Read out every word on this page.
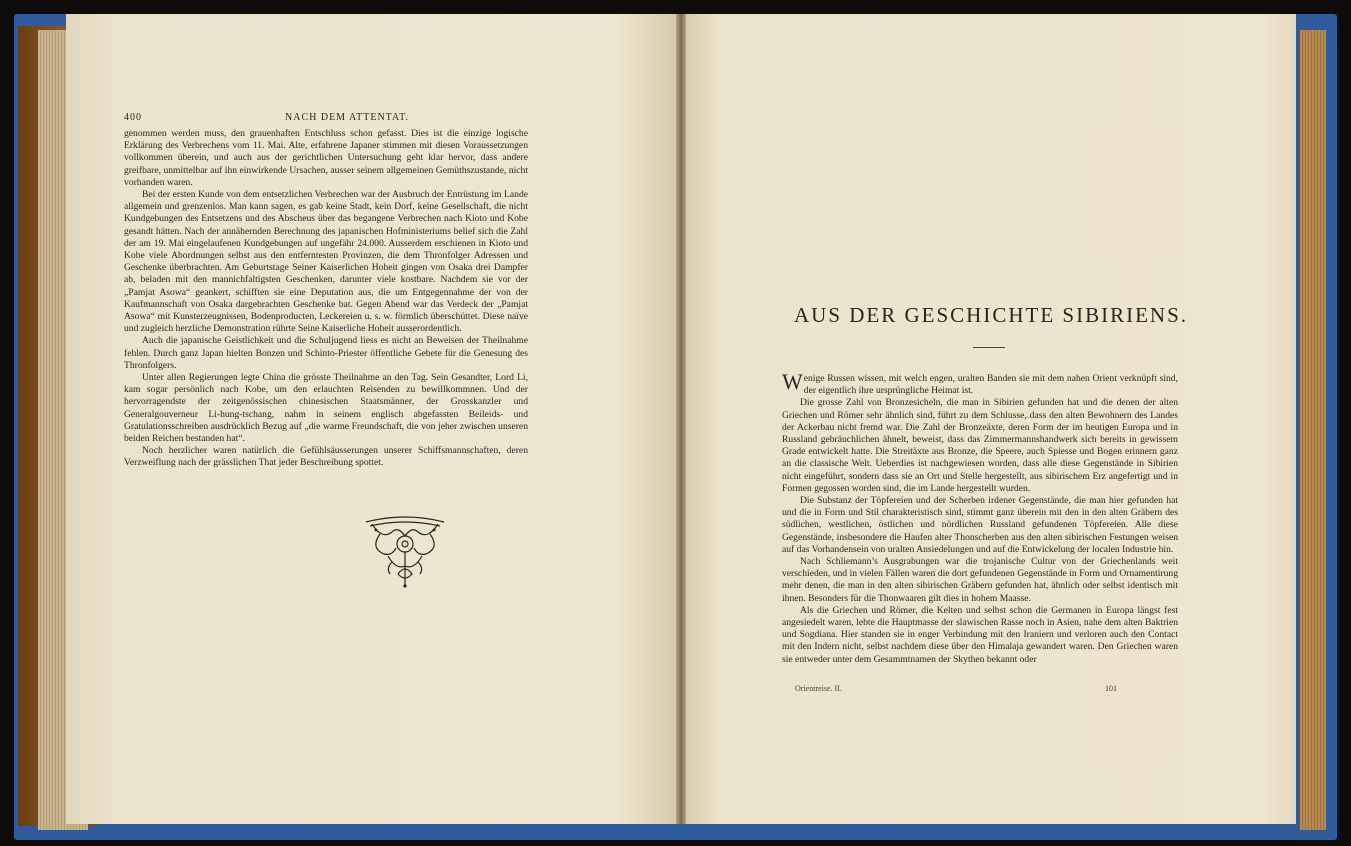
400	NACH DEM ATTENTAT.

genommen werden muss, den grauenhaften Entschluss schon gefasst. Dies ist die einzige logische Erklärung des Verbrechens vom 11. Mai. Alte, erfahrene Japaner stimmen mit diesen Voraussetzungen vollkommen überein, und auch aus der gerichtlichen Untersuchung geht klar hervor, dass andere greifbare, unmittelbar auf ihn einwirkende Ursachen, ausser seinem allgemeinen Gemüthszustande, nicht vorhanden waren.

Bei der ersten Kunde von dem entsetzlichen Verbrechen war der Ausbruch der Entrüstung im Lande allgemein und grenzenlos. Man kann sagen, es gab keine Stadt, kein Dorf, keine Gesellschaft, die nicht Kundgebungen des Entsetzens und des Abscheus über das begangene Verbrechen nach Kioto und Kobe gesandt hätten. Nach der annähernden Berechnung des japanischen Hofministeriums belief sich die Zahl der am 19. Mai eingelaufenen Kundgebungen auf ungefähr 24.000. Ausserdem erschienen in Kioto und Kobe viele Abordnungen selbst aus den entferntesten Provinzen, die dem Thronfolger Adressen und Geschenke überbrachten. Am Geburtstage Seiner Kaiserlichen Hoheit gingen von Osaka drei Dampfer ab, beladen mit den mannichfaltigsten Geschenken, darunter viele kostbare. Nachdem sie vor der „Pamjat Asowa“ geankert, schifften sie eine Deputation aus, die um Entgegennahme der von der Kaufmannschaft von Osaka dargebrachten Geschenke bat. Gegen Abend war das Verdeck der „Pamjat Asowa“ mit Kunsterzeugnissen, Bodenproducten, Leckereien u. s. w. förmlich überschüttet. Diese naïve und zugleich herzliche Demonstration rührte Seine Kaiserliche Hoheit ausserordentlich.

Auch die japanische Geistlichkeit und die Schuljugend liess es nicht an Beweisen der Theilnahme fehlen. Durch ganz Japan hielten Bonzen und Schinto-Priester öffentliche Gebete für die Genesung des Thronfolgers.

Unter allen Regierungen legte China die grösste Theilnahme an den Tag. Sein Gesandter, Lord Li, kam sogar persönlich nach Kobe, um den erlauchten Reisenden zu bewillkommnen. Und der hervorragendste der zeitgenössischen chinesischen Staatsmänner, der Grosskanzler und Generalgouverneur Li-hung-tschang, nahm in seinem englisch abgefassten Beileids- und Gratulationsschreiben ausdrücklich Bezug auf „die warme Freundschaft, die von jeher zwischen unseren beiden Reichen bestanden hat“.

Noch herzlicher waren natürlich die Gefühlsäusserungen unserer Schiffsmannschaften, deren Verzweiflung nach der grässlichen That jeder Beschreibung spottet.

AUS DER GESCHICHTE SIBIRIENS.

Wenige Russen wissen, mit welch engen, uralten Banden sie mit dem nahen Orient verknüpft sind, der eigentlich ihre ursprüngliche Heimat ist.

Die grosse Zahl von Bronzesicheln, die man in Sibirien gefunden hat und die denen der alten Griechen und Römer sehr ähnlich sind, führt zu dem Schlusse, dass den alten Bewohnern des Landes der Ackerbau nicht fremd war. Die Zahl der Bronzeäxte, deren Form der im heutigen Europa und in Russland gebräuchlichen ähnelt, beweist, dass das Zimmermannshandwerk sich bereits in gewissem Grade entwickelt hatte. Die Streitäxte aus Bronze, die Speere, auch Spiesse und Bogen erinnern ganz an die classische Welt. Ueberdies ist nachgewiesen worden, dass alle diese Gegenstände in Sibirien nicht eingeführt, sondern dass sie an Ort und Stelle hergestellt, aus sibirischem Erz angefertigt und in Formen gegossen worden sind, die im Lande hergestellt wurden.

Die Substanz der Töpfereien und der Scherben irdener Gegenstände, die man hier gefunden hat und die in Form und Stil charakteristisch sind, stimmt ganz überein mit den in den alten Gräbern des südlichen, westlichen, östlichen und nördlichen Russland gefundenen Töpfereien. Alle diese Gegenstände, insbesondere die Haufen alter Thonscherben aus den alten sibirischen Festungen weisen auf das Vorhandensein von uralten Ansiedelungen und auf die Entwickelung der localen Industrie hin.

Nach Schliemann’s Ausgrabungen war die trojanische Cultur von der Griechenlands weit verschieden, und in vielen Fällen waren die dort gefundenen Gegenstände in Form und Ornamentirung mehr denen, die man in den alten sibirischen Gräbern gefunden hat, ähnlich oder selbst identisch mit ihnen. Besonders für die Thonwaaren gilt dies in hohem Maasse.

Als die Griechen und Römer, die Kelten und selbst schon die Germanen in Europa längst fest angesiedelt waren, lebte die Hauptmasse der slawischen Rasse noch in Asien, nahe dem alten Baktrien und Sogdiana. Hier standen sie in enger Verbindung mit den Iraniern und verloren auch den Contact mit den Indern nicht, selbst nachdem diese über den Himalaja gewandert waren. Den Griechen waren sie entweder unter dem Gesammtnamen der Skythen bekannt oder

Orientreise. II.	101
